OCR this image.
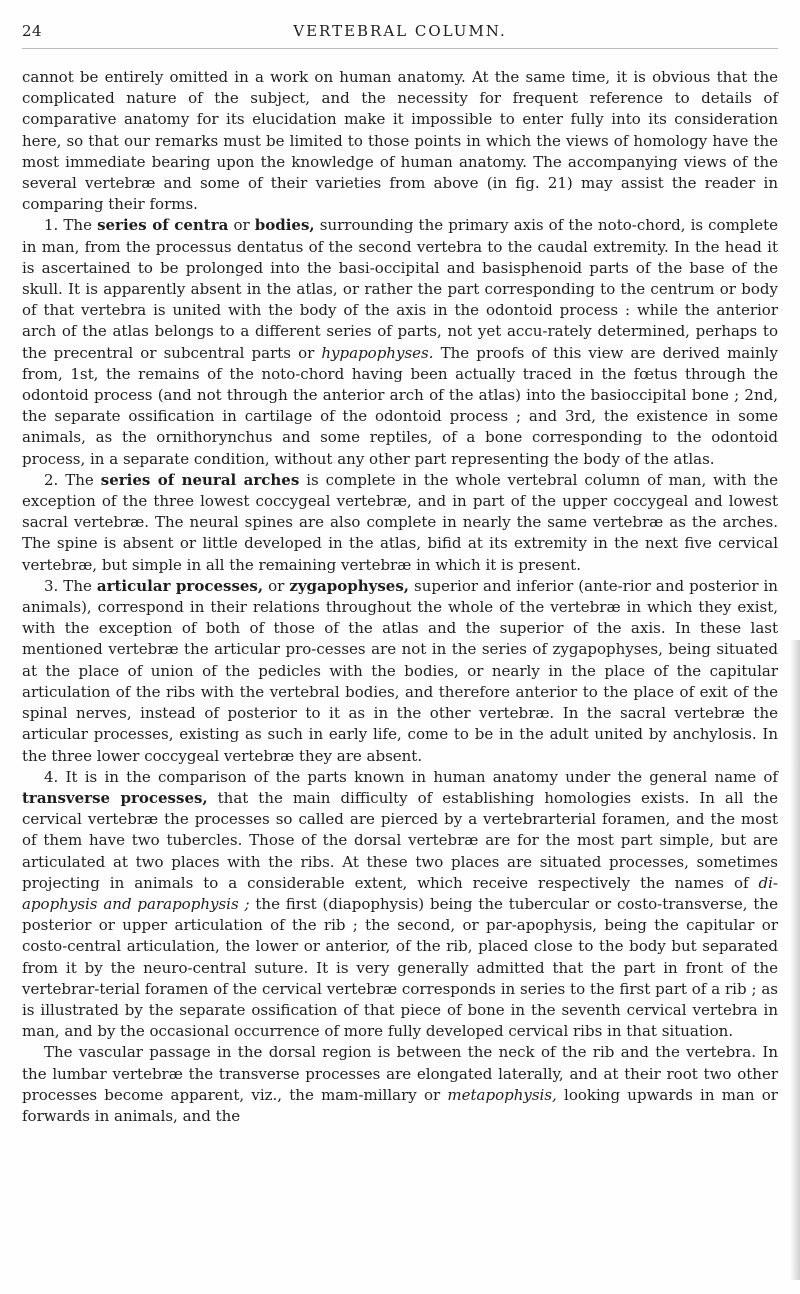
24	VERTEBRAL COLUMN.

cannot be entirely omitted in a work on human anatomy. At the same time, it is obvious that the complicated nature of the subject, and the necessity for frequent reference to details of comparative anatomy for its elucidation make it impossible to enter fully into its consideration here, so that our remarks must be limited to those points in which the views of homology have the most immediate bearing upon the knowledge of human anatomy. The accompanying views of the several vertebræ and some of their varieties from above (in fig. 21) may assist the reader in comparing their forms.

1. The series of centra or bodies, surrounding the primary axis of the noto-chord, is complete in man, from the processus dentatus of the second vertebra to the caudal extremity. In the head it is ascertained to be prolonged into the basi-occipital and basisphenoid parts of the base of the skull. It is apparently absent in the atlas, or rather the part corresponding to the centrum or body of that vertebra is united with the body of the axis in the odontoid process : while the anterior arch of the atlas belongs to a different series of parts, not yet accu-rately determined, perhaps to the precentral or subcentral parts or hypapophyses. The proofs of this view are derived mainly from, 1st, the remains of the noto-chord having been actually traced in the fœtus through the odontoid process (and not through the anterior arch of the atlas) into the basioccipital bone ; 2nd, the separate ossification in cartilage of the odontoid process ; and 3rd, the existence in some animals, as the ornithorynchus and some reptiles, of a bone corresponding to the odontoid process, in a separate condition, without any other part representing the body of the atlas.

2. The series of neural arches is complete in the whole vertebral column of man, with the exception of the three lowest coccygeal vertebræ, and in part of the upper coccygeal and lowest sacral vertebræ. The neural spines are also complete in nearly the same vertebræ as the arches. The spine is absent or little developed in the atlas, bifid at its extremity in the next five cervical vertebræ, but simple in all the remaining vertebræ in which it is present.

3. The articular processes, or zygapophyses, superior and inferior (ante-rior and posterior in animals), correspond in their relations throughout the whole of the vertebræ in which they exist, with the exception of both of those of the atlas and the superior of the axis. In these last mentioned vertebræ the articular pro-cesses are not in the series of zygapophyses, being situated at the place of union of the pedicles with the bodies, or nearly in the place of the capitular articulation of the ribs with the vertebral bodies, and therefore anterior to the place of exit of the spinal nerves, instead of posterior to it as in the other vertebræ. In the sacral vertebræ the articular processes, existing as such in early life, come to be in the adult united by anchylosis. In the three lower coccygeal vertebræ they are absent.

4. It is in the comparison of the parts known in human anatomy under the general name of transverse processes, that the main difficulty of establishing homologies exists. In all the cervical vertebræ the processes so called are pierced by a vertebrarterial foramen, and the most of them have two tubercles. Those of the dorsal vertebræ are for the most part simple, but are articulated at two places with the ribs. At these two places are situated processes, sometimes projecting in animals to a considerable extent, which receive respectively the names of di-apophysis and parapophysis ; the first (diapophysis) being the tubercular or costo-transverse, the posterior or upper articulation of the rib ; the second, or par-apophysis, being the capitular or costo-central articulation, the lower or anterior, of the rib, placed close to the body but separated from it by the neuro-central suture. It is very generally admitted that the part in front of the vertebrar-terial foramen of the cervical vertebræ corresponds in series to the first part of a rib ; as is illustrated by the separate ossification of that piece of bone in the seventh cervical vertebra in man, and by the occasional occurrence of more fully developed cervical ribs in that situation.

The vascular passage in the dorsal region is between the neck of the rib and the vertebra. In the lumbar vertebræ the transverse processes are elongated laterally, and at their root two other processes become apparent, viz., the mam-millary or metapophysis, looking upwards in man or forwards in animals, and the
